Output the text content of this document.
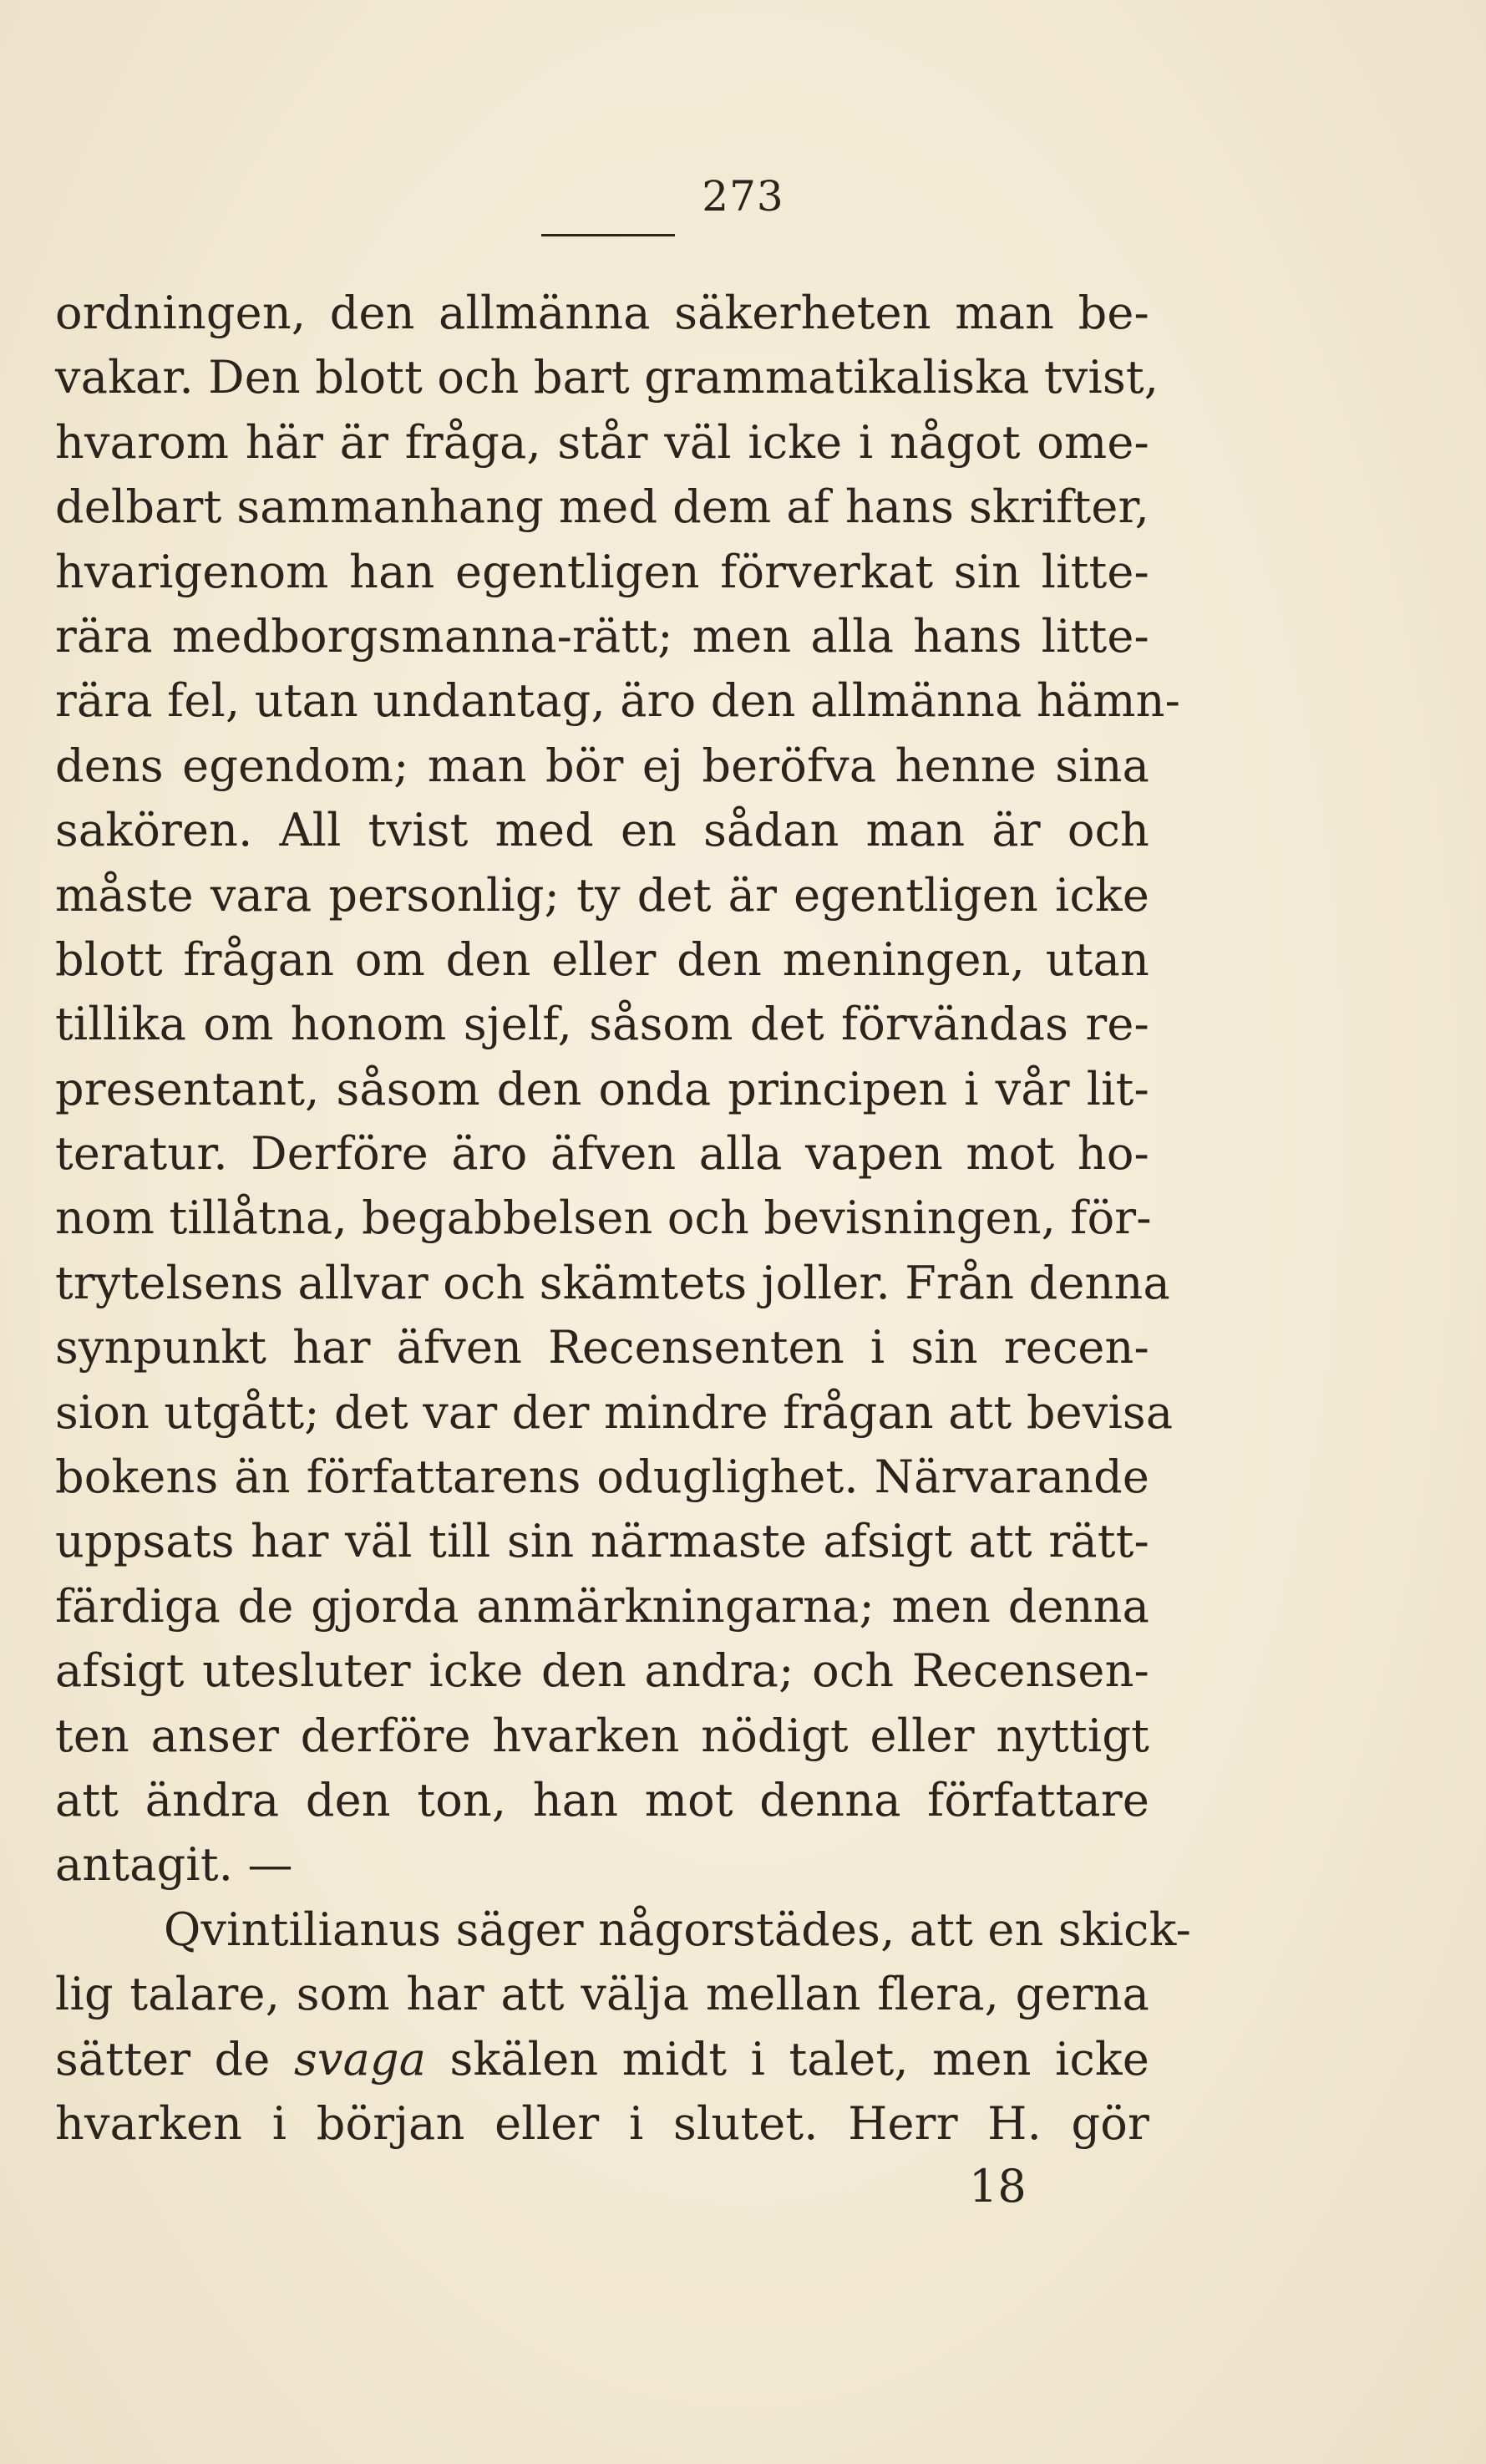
273
ordningen, den allmänna säkerheten man be-
vakar. Den blott och bart grammatikaliska tvist,
hvarom här är fråga, står väl icke i något ome-
delbart sammanhang med dem af hans skrifter,
hvarigenom han egentligen förverkat sin litte-
rära medborgsmanna-rätt; men alla hans litte-
rära fel, utan undantag, äro den allmänna hämn-
dens egendom; man bör ej beröfva henne sina
sakören. All tvist med en sådan man är och
måste vara personlig; ty det är egentligen icke
blott frågan om den eller den meningen, utan
tillika om honom sjelf, såsom det förvändas re-
presentant, såsom den onda principen i vår lit-
teratur. Derföre äro äfven alla vapen mot ho-
nom tillåtna, begabbelsen och bevisningen, för-
trytelsens allvar och skämtets joller. Från denna
synpunkt har äfven Recensenten i sin recen-
sion utgått; det var der mindre frågan att bevisa
bokens än författarens oduglighet. Närvarande
uppsats har väl till sin närmaste afsigt att rätt-
färdiga de gjorda anmärkningarna; men denna
afsigt utesluter icke den andra; och Recensen-
ten anser derföre hvarken nödigt eller nyttigt
att ändra den ton, han mot denna författare
antagit. —
Qvintilianus säger någorstädes, att en skick-
lig talare, som har att välja mellan flera, gerna
sätter de svaga skälen midt i talet, men icke
hvarken i början eller i slutet. Herr H. gör
18
